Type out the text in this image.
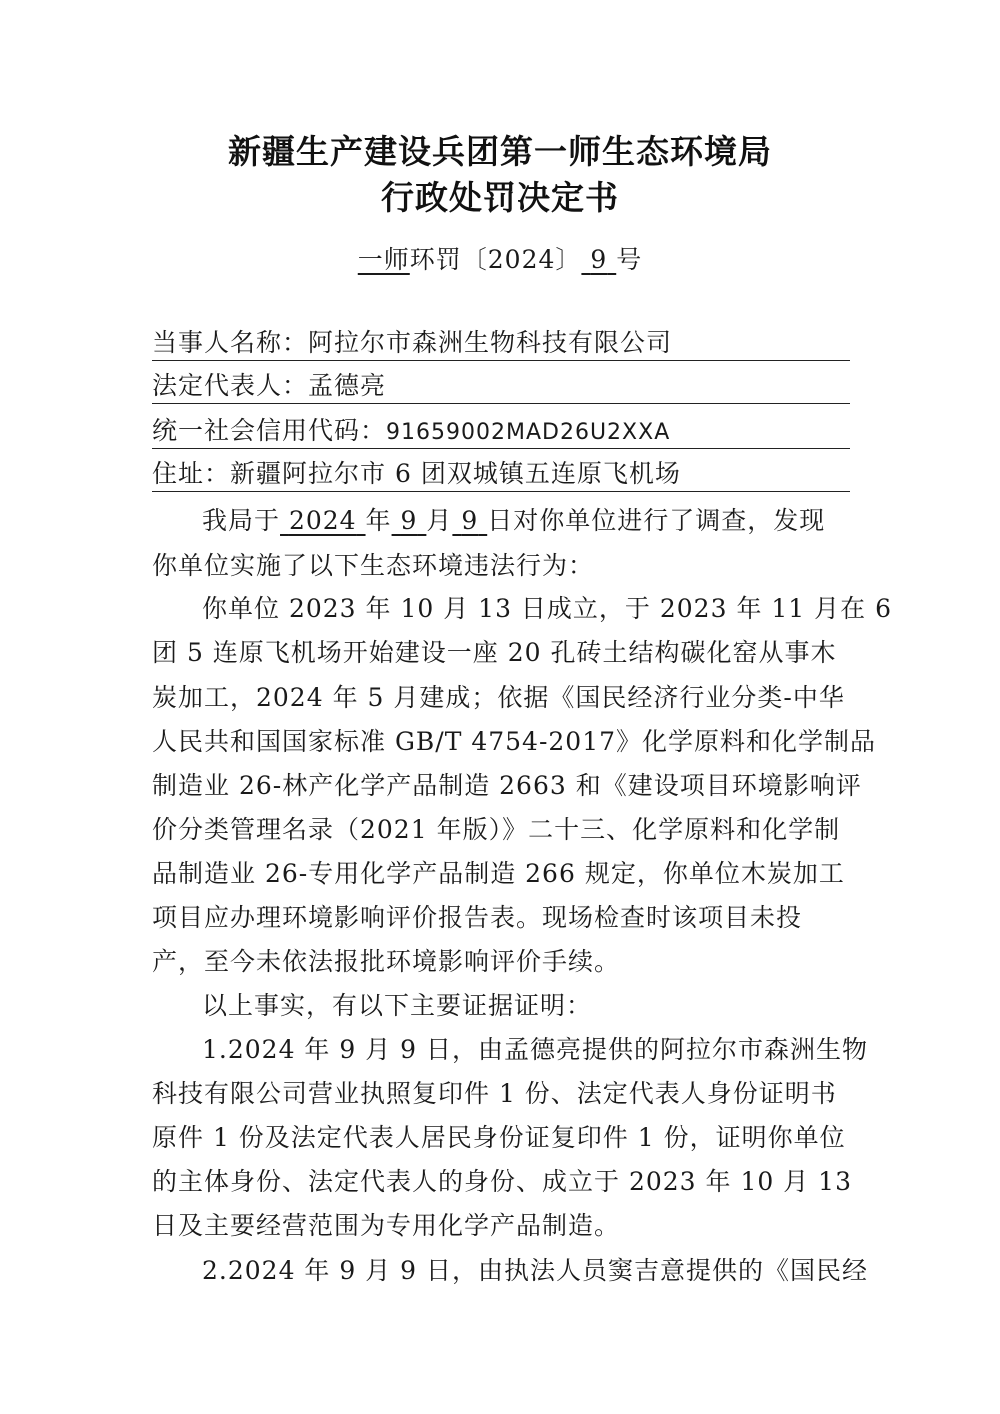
新疆生产建设兵团第一师生态环境局
行政处罚决定书
一师环罚〔2024〕 9 号
当事人名称：阿拉尔市森洲生物科技有限公司
法定代表人：孟德亮
统一社会信用代码：91659002MAD26U2XXA
住址：新疆阿拉尔市 6 团双城镇五连原飞机场
我局于 2024 年 9 月 9 日对你单位进行了调查，发现
你单位实施了以下生态环境违法行为：
你单位 2023 年 10 月 13 日成立，于 2023 年 11 月在 6
团 5 连原飞机场开始建设一座 20 孔砖土结构碳化窑从事木
炭加工，2024 年 5 月建成；依据《国民经济行业分类-中华
人民共和国国家标准 GB/T 4754-2017》化学原料和化学制品
制造业 26-林产化学产品制造 2663 和《建设项目环境影响评
价分类管理名录（2021 年版）》二十三、化学原料和化学制
品制造业 26-专用化学产品制造 266 规定，你单位木炭加工
项目应办理环境影响评价报告表。现场检查时该项目未投
产，至今未依法报批环境影响评价手续。
以上事实，有以下主要证据证明：
1.2024 年 9 月 9 日，由孟德亮提供的阿拉尔市森洲生物
科技有限公司营业执照复印件 1 份、法定代表人身份证明书
原件 1 份及法定代表人居民身份证复印件 1 份，证明你单位
的主体身份、法定代表人的身份、成立于 2023 年 10 月 13
日及主要经营范围为专用化学产品制造。
2.2024 年 9 月 9 日，由执法人员窦吉意提供的《国民经
